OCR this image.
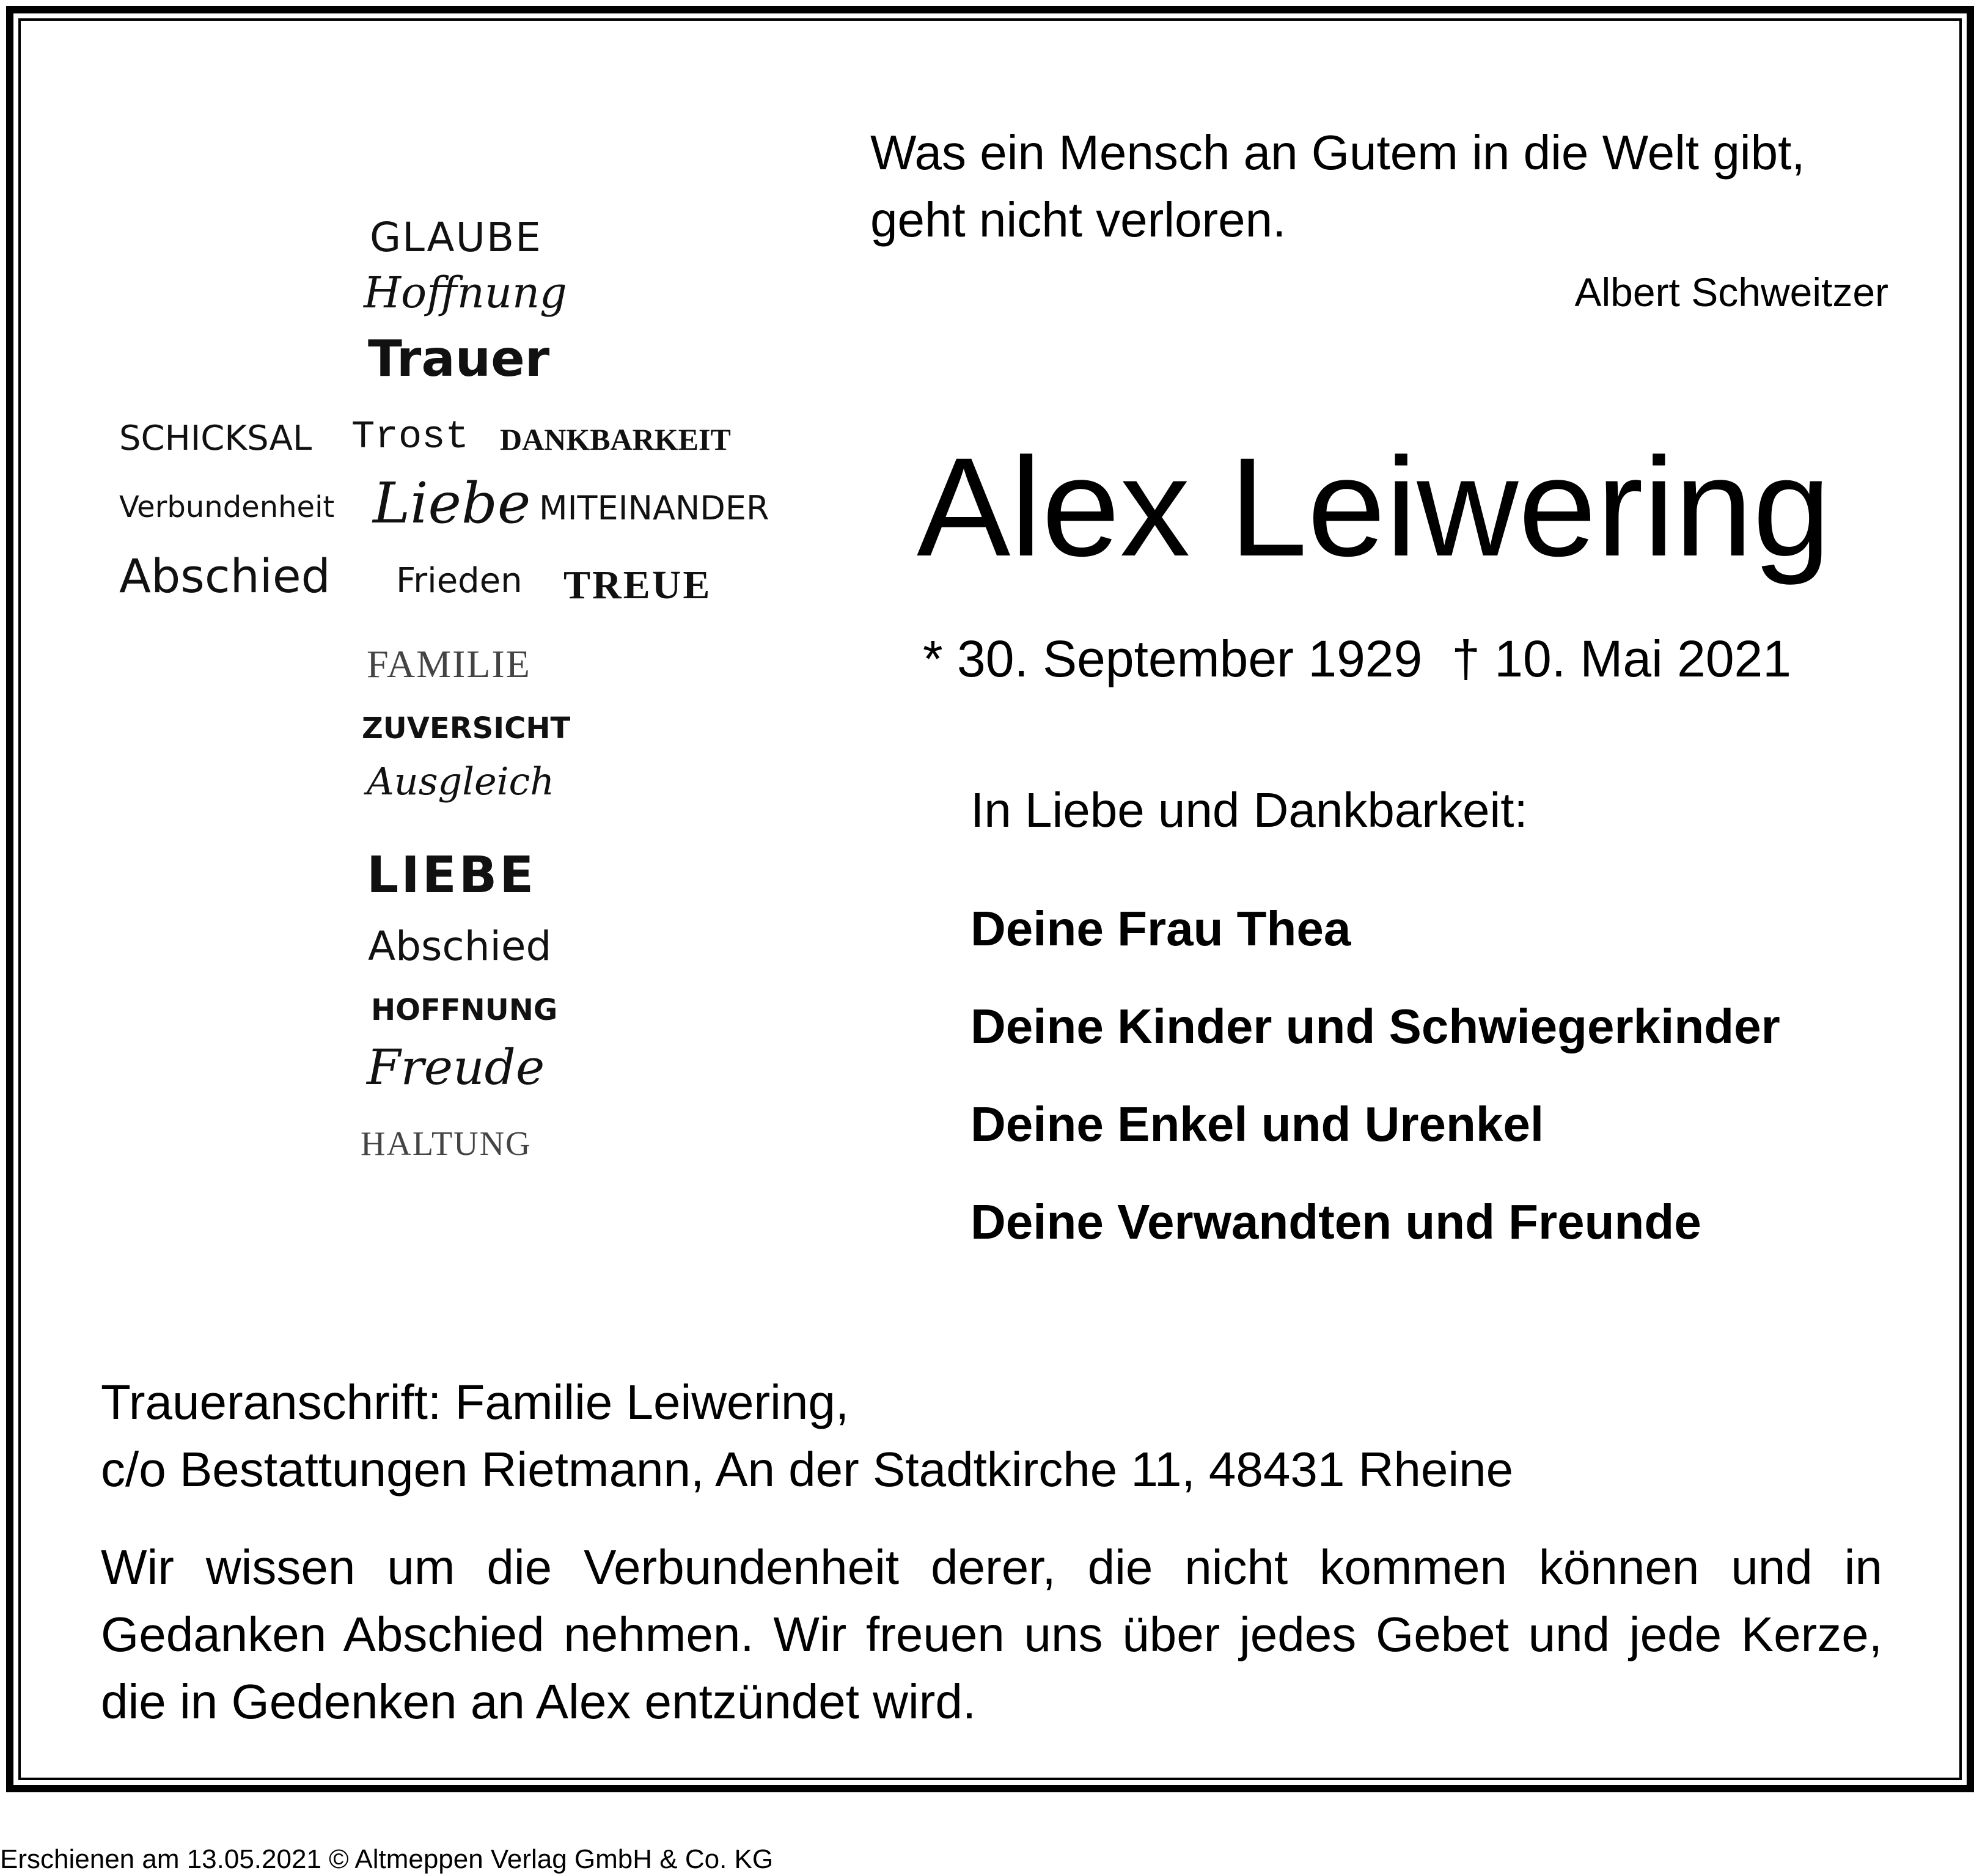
GLAUBE
Hoffnung
Trauer
SCHICKSAL Trost DANKBARKEIT
Verbundenheit Liebe MITEINANDER
Abschied Frieden TREUE
FAMILIE
ZUVERSICHT
Ausgleich
LIEBE
Abschied
HOFFNUNG
Freude
HALTUNG
Was ein Mensch an Gutem in die Welt gibt,
geht nicht verloren.
Albert Schweitzer
Alex Leiwering
* 30. September 1929 † 10. Mai 2021
In Liebe und Dankbarkeit:
Deine Frau Thea
Deine Kinder und Schwiegerkinder
Deine Enkel und Urenkel
Deine Verwandten und Freunde
Traueranschrift: Familie Leiwering,
c/o Bestattungen Rietmann, An der Stadtkirche 11, 48431 Rheine
Wir wissen um die Verbundenheit derer, die nicht kommen können und in Gedanken Abschied nehmen. Wir freuen uns über jedes Gebet und jede Kerze, die in Gedenken an Alex entzündet wird.
Erschienen am 13.05.2021 © Altmeppen Verlag GmbH & Co. KG
